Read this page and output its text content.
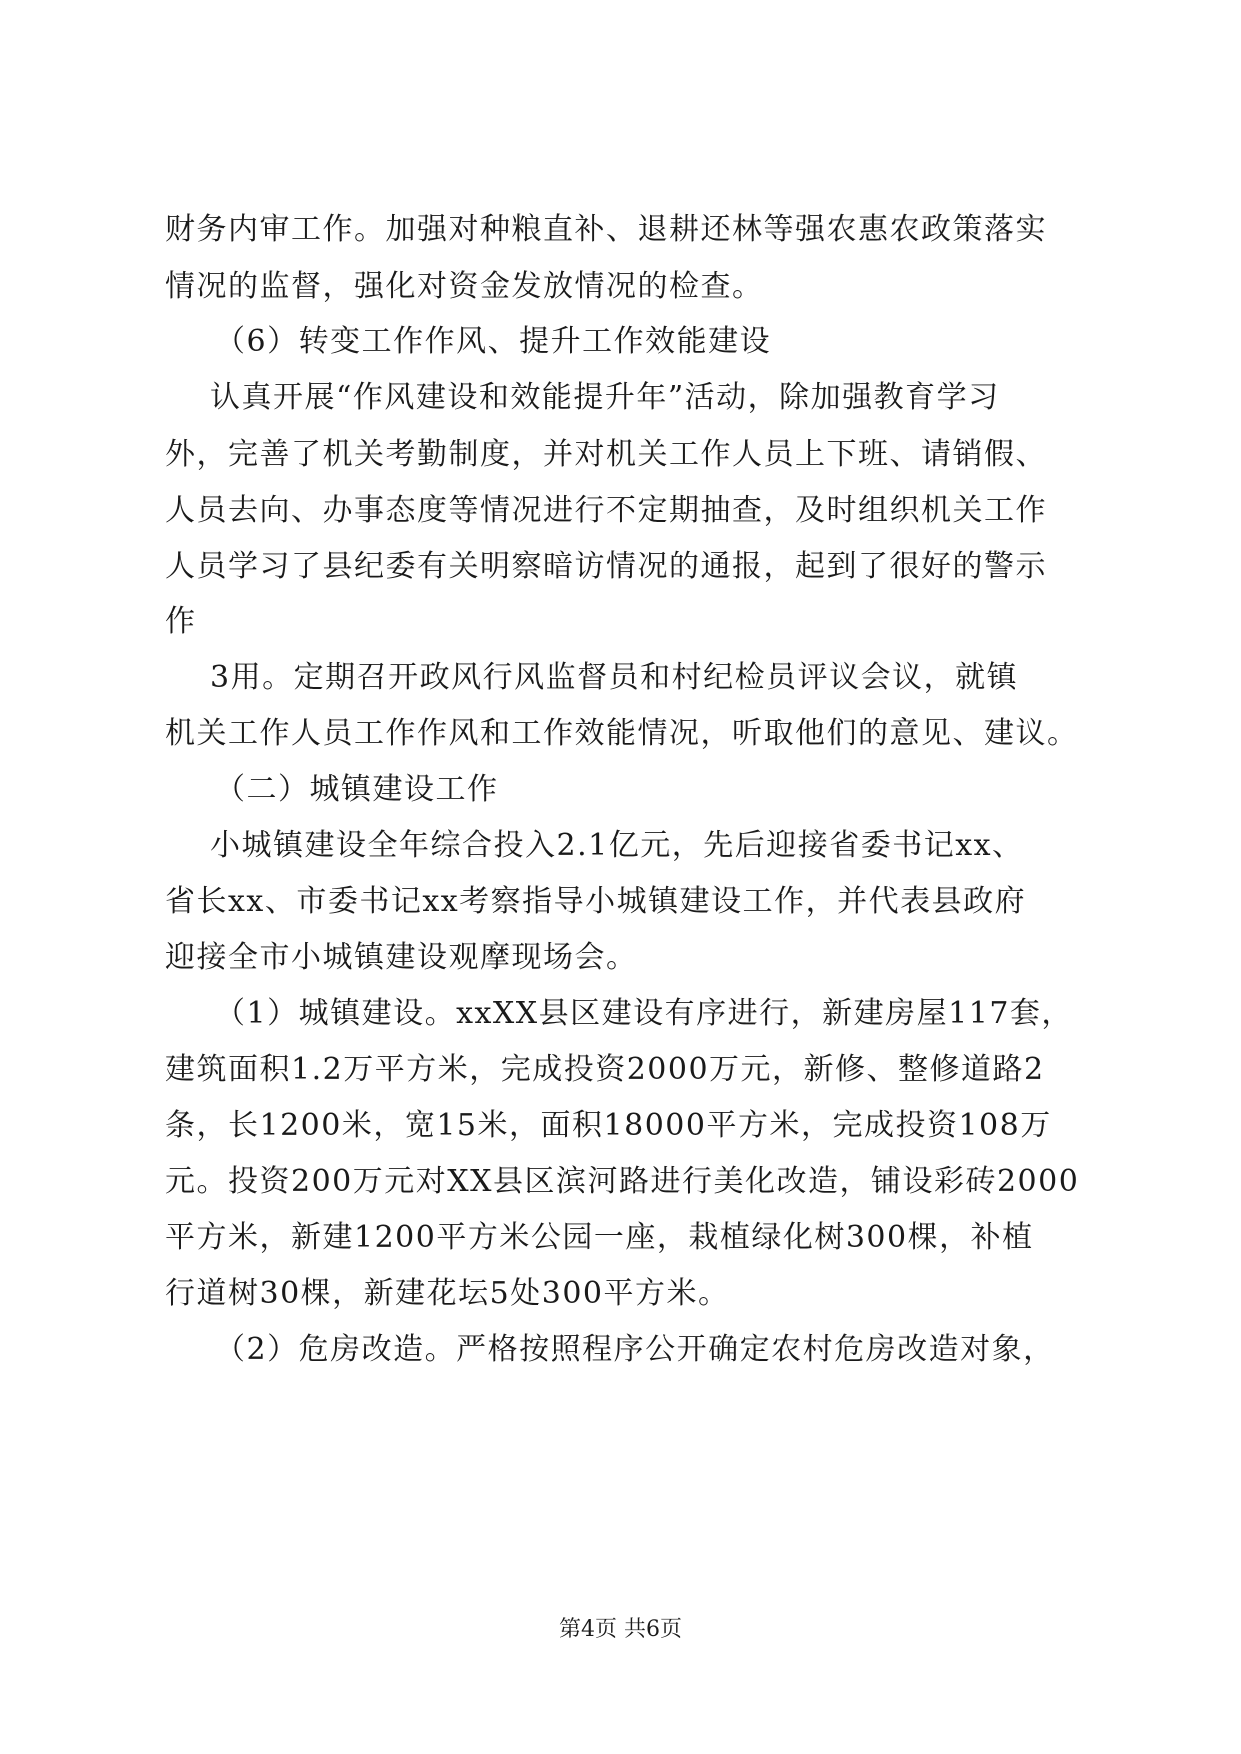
财务内审工作。加强对种粮直补、退耕还林等强农惠农政策落实
情况的监督，强化对资金发放情况的检查。
（6）转变工作作风、提升工作效能建设
认真开展“作风建设和效能提升年”活动，除加强教育学习
外，完善了机关考勤制度，并对机关工作人员上下班、请销假、
人员去向、办事态度等情况进行不定期抽查，及时组织机关工作
人员学习了县纪委有关明察暗访情况的通报，起到了很好的警示
作
3用。定期召开政风行风监督员和村纪检员评议会议，就镇
机关工作人员工作作风和工作效能情况，听取他们的意见、建议。
（二）城镇建设工作
小城镇建设全年综合投入2.1亿元，先后迎接省委书记xx、
省长xx、市委书记xx考察指导小城镇建设工作，并代表县政府
迎接全市小城镇建设观摩现场会。
（1）城镇建设。xxXX县区建设有序进行，新建房屋117套，
建筑面积1.2万平方米，完成投资2000万元，新修、整修道路2
条，长1200米，宽15米，面积18000平方米，完成投资108万
元。投资200万元对XX县区滨河路进行美化改造，铺设彩砖2000
平方米，新建1200平方米公园一座，栽植绿化树300棵，补植
行道树30棵，新建花坛5处300平方米。
（2）危房改造。严格按照程序公开确定农村危房改造对象，
第4页 共6页
